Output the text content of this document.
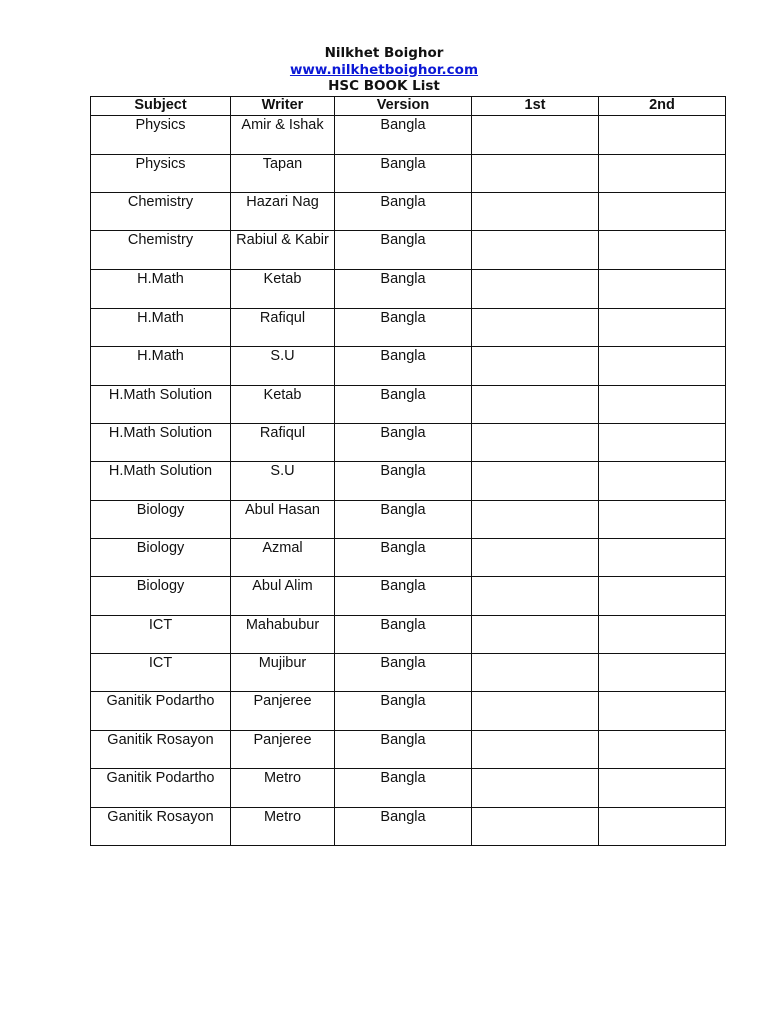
Nilkhet Boighor
www.nilkhetboighor.com
HSC BOOK List
Subject	Writer	Version	1st	2nd
Physics	Amir & Ishak	Bangla		
Physics	Tapan	Bangla		
Chemistry	Hazari Nag	Bangla		
Chemistry	Rabiul & Kabir	Bangla		
H.Math	Ketab	Bangla		
H.Math	Rafiqul	Bangla		
H.Math	S.U	Bangla		
H.Math Solution	Ketab	Bangla		
H.Math Solution	Rafiqul	Bangla		
H.Math Solution	S.U	Bangla		
Biology	Abul Hasan	Bangla		
Biology	Azmal	Bangla		
Biology	Abul Alim	Bangla		
ICT	Mahabubur	Bangla		
ICT	Mujibur	Bangla		
Ganitik Podartho	Panjeree	Bangla		
Ganitik Rosayon	Panjeree	Bangla		
Ganitik Podartho	Metro	Bangla		
Ganitik Rosayon	Metro	Bangla		
